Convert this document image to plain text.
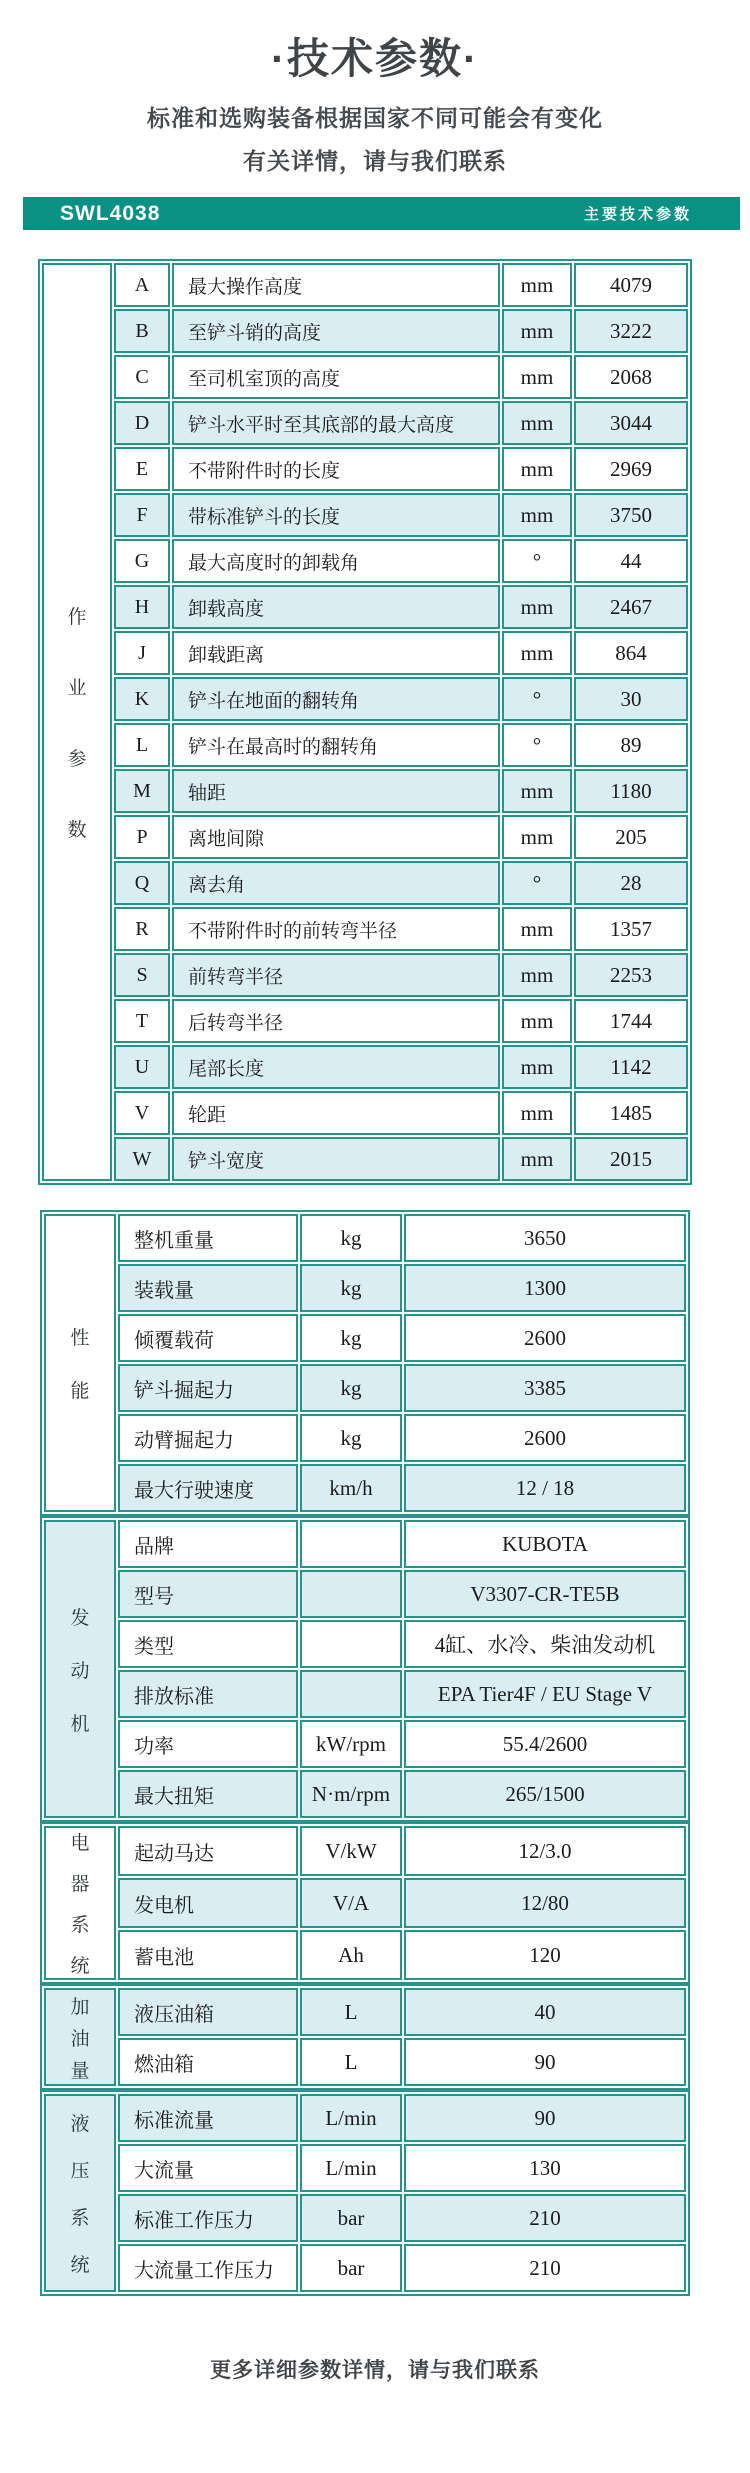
·技术参数·
标准和选购装备根据国家不同可能会有变化
有关详情，请与我们联系
SWL4038	主要技术参数
作
业
参
数	A	最大操作高度	mm	4079
	B	至铲斗销的高度	mm	3222
	C	至司机室顶的高度	mm	2068
	D	铲斗水平时至其底部的最大高度	mm	3044
	E	不带附件时的长度	mm	2969
	F	带标准铲斗的长度	mm	3750
	G	最大高度时的卸载角	°	44
	H	卸载高度	mm	2467
	J	卸载距离	mm	864
	K	铲斗在地面的翻转角	°	30
	L	铲斗在最高时的翻转角	°	89
	M	轴距	mm	1180
	P	离地间隙	mm	205
	Q	离去角	°	28
	R	不带附件时的前转弯半径	mm	1357
	S	前转弯半径	mm	2253
	T	后转弯半径	mm	1744
	U	尾部长度	mm	1142
	V	轮距	mm	1485
	W	铲斗宽度	mm	2015
性
能	整机重量	kg	3650
	装载量	kg	1300
	倾覆载荷	kg	2600
	铲斗掘起力	kg	3385
	动臂掘起力	kg	2600
	最大行驶速度	km/h	12 / 18
发
动
机	品牌		KUBOTA
	型号		V3307-CR-TE5B
	类型		4缸、水冷、柴油发动机
	排放标准		EPA Tier4F / EU Stage V
	功率	kW/rpm	55.4/2600
	最大扭矩	N·m/rpm	265/1500
电
器
系
统	起动马达	V/kW	12/3.0
	发电机	V/A	12/80
	蓄电池	Ah	120
加
油
量	液压油箱	L	40
	燃油箱	L	90
液
压
系
统	标准流量	L/min	90
	大流量	L/min	130
	标准工作压力	bar	210
	大流量工作压力	bar	210
更多详细参数详情，请与我们联系
